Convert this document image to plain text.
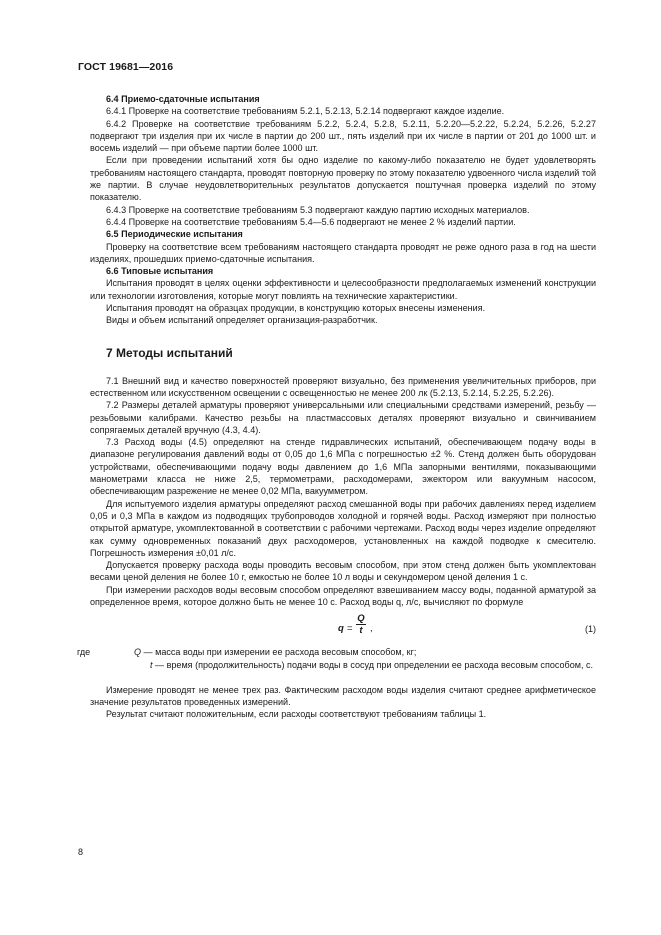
ГОСТ 19681—2016

6.4 Приемо-сдаточные испытания

6.4.1 Проверке на соответствие требованиям 5.2.1, 5.2.13, 5.2.14 подвергают каждое изделие.

6.4.2 Проверке на соответствие требованиям 5.2.2, 5.2.4, 5.2.8, 5.2.11, 5.2.20—5.2.22, 5.2.24, 5.2.26, 5.2.27 подвергают три изделия при их числе в партии до 200 шт., пять изделий при их числе в партии от 201 до 1000 шт. и восемь изделий — при объеме партии более 1000 шт.

Если при проведении испытаний хотя бы одно изделие по какому-либо показателю не будет удовлетворять требованиям настоящего стандарта, проводят повторную проверку по этому показателю удвоенного числа изделий той же партии. В случае неудовлетворительных результатов допускается поштучная проверка изделий по этому показателю.

6.4.3 Проверке на соответствие требованиям 5.3 подвергают каждую партию исходных материалов.

6.4.4 Проверке на соответствие требованиям 5.4—5.6 подвергают не менее 2 % изделий партии.

6.5 Периодические испытания

Проверку на соответствие всем требованиям настоящего стандарта проводят не реже одного раза в год на шести изделиях, прошедших приемо-сдаточные испытания.

6.6 Типовые испытания

Испытания проводят в целях оценки эффективности и целесообразности предполагаемых изменений конструкции или технологии изготовления, которые могут повлиять на технические характеристики.

Испытания проводят на образцах продукции, в конструкцию которых внесены изменения.

Виды и объем испытаний определяет организация-разработчик.

7 Методы испытаний

7.1 Внешний вид и качество поверхностей проверяют визуально, без применения увеличительных приборов, при естественном или искусственном освещении с освещенностью не менее 200 лк (5.2.13, 5.2.14, 5.2.25, 5.2.26).

7.2 Размеры деталей арматуры проверяют универсальными или специальными средствами измерений, резьбу — резьбовыми калибрами. Качество резьбы на пластмассовых деталях проверяют визуально и свинчиванием сопрягаемых деталей вручную (4.3, 4.4).

7.3 Расход воды (4.5) определяют на стенде гидравлических испытаний, обеспечивающем подачу воды в диапазоне регулирования давлений воды от 0,05 до 1,6 МПа с погрешностью ±2 %. Стенд должен быть оборудован устройствами, обеспечивающими подачу воды давлением до 1,6 МПа запорными вентилями, показывающими манометрами класса не ниже 2,5, термометрами, расходомерами, эжектором или вакуумным насосом, обеспечивающим разрежение не менее 0,02 МПа, вакуумметром.

Для испытуемого изделия арматуры определяют расход смешанной воды при рабочих давлениях перед изделием 0,05 и 0,3 МПа в каждом из подводящих трубопроводов холодной и горячей воды. Расход измеряют при полностью открытой арматуре, укомплектованной в соответствии с рабочими чертежами. Расход воды через изделие определяют как сумму одновременных показаний двух расходомеров, установленных на каждой подводке к смесителю. Погрешность измерения ±0,01 л/с.

Допускается проверку расхода воды проводить весовым способом, при этом стенд должен быть укомплектован весами ценой деления не более 10 г, емкостью не более 10 л воды и секундомером ценой деления 1 с.

При измерении расходов воды весовым способом определяют взвешиванием массу воды, поданной арматурой за определенное время, которое должно быть не менее 10 с. Расход воды q, л/с, вычисляют по формуле

$q = \frac{Q}{t}$ ,	(1)
где	Q — масса воды при измерении ее расхода весовым способом, кг;
t — время (продолжительность) подачи воды в сосуд при определении ее расхода весовым способом, с.

Измерение проводят не менее трех раз. Фактическим расходом воды изделия считают среднее арифметическое значение результатов проведенных измерений.

Результат считают положительным, если расходы соответствуют требованиям таблицы 1.

8
